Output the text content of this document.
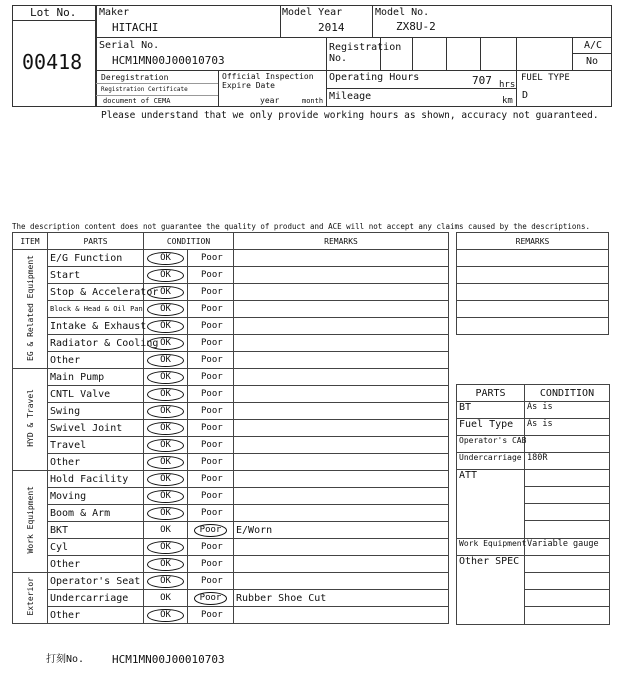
Lot No.
00418
Maker
HITACHI
Model Year
2014
Model No.
ZX8U-2
Serial No.
HCM1MN00J00010703
Registration No.
A/C
No
Deregistration
Registration Certificate
document of CEMA
Official Inspection Expire Date
year	month
Operating Hours	707 hrs
Mileage	km
FUEL TYPE
D
Please understand that we only provide working hours as shown, accuracy not guaranteed.
The description content does not guarantee the quality of product and ACE will not accept any claims caused by the descriptions.
ITEM	PARTS	CONDITION		REMARKS
EG & Related Equipment	E/G Function	OK	Poor	
	Start	OK	Poor	
	Stop & Accelerator	OK	Poor	
	Block & Head & Oil Pan	OK	Poor	
	Intake & Exhaust	OK	Poor	
	Radiator & Cooling	OK	Poor	
	Other	OK	Poor	
HYD & Travel	Main Pump	OK	Poor	
	CNTL Valve	OK	Poor	
	Swing	OK	Poor	
	Swivel Joint	OK	Poor	
	Travel	OK	Poor	
	Other	OK	Poor	
Work Equipment	Hold Facility	OK	Poor	
	Moving	OK	Poor	
	Boom & Arm	OK	Poor	
	BKT	OK	Poor	E/Worn
	Cyl	OK	Poor	
	Other	OK	Poor	
Exterior	Operator's Seat	OK	Poor	
	Undercarriage	OK	Poor	Rubber Shoe Cut
	Other	OK	Poor	
REMARKS

PARTS	CONDITION
BT	As is
Fuel Type	As is
Operator's CAB	
Undercarriage	180R
ATT	

Work Equipment	Variable gauge
Other SPEC	
打刻No.	HCM1MN00J00010703
